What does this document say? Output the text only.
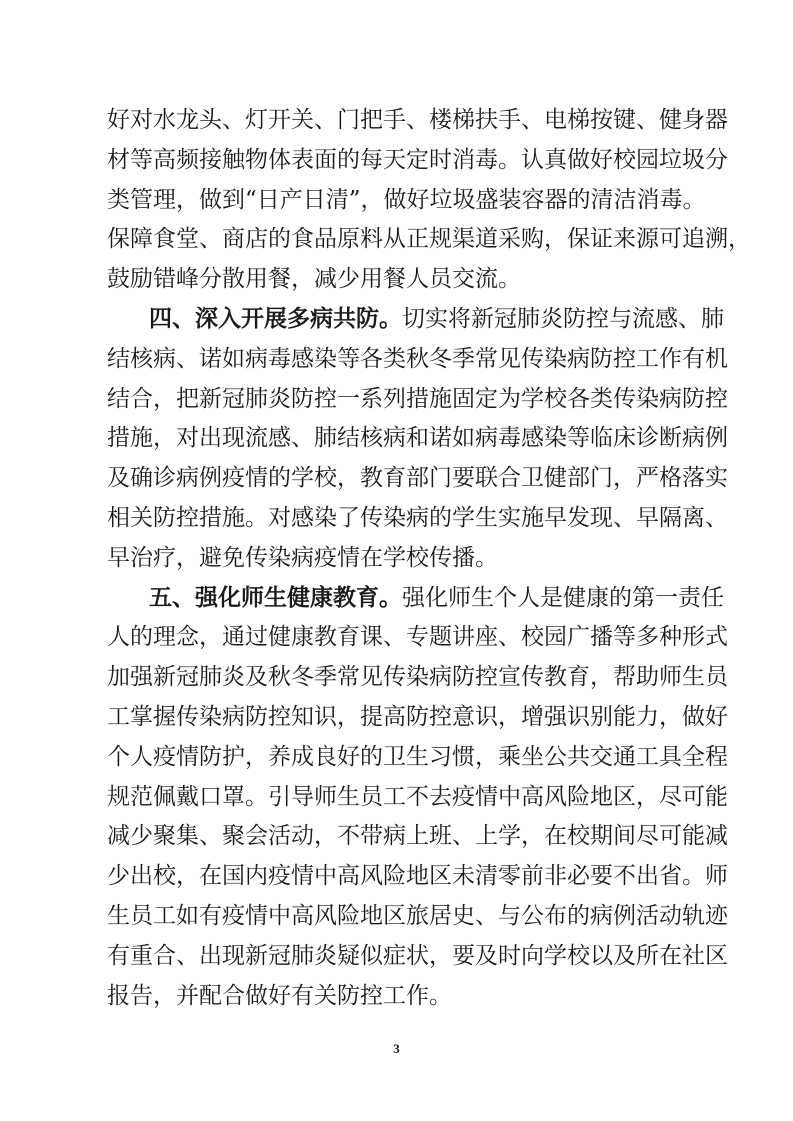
好对水龙头、灯开关、门把手、楼梯扶手、电梯按键、健身器
材等高频接触物体表面的每天定时消毒。认真做好校园垃圾分
类管理，做到“日产日清”，做好垃圾盛装容器的清洁消毒。
保障食堂、商店的食品原料从正规渠道采购，保证来源可追溯，
鼓励错峰分散用餐，减少用餐人员交流。
四、深入开展多病共防。切实将新冠肺炎防控与流感、肺
结核病、诺如病毒感染等各类秋冬季常见传染病防控工作有机
结合，把新冠肺炎防控一系列措施固定为学校各类传染病防控
措施，对出现流感、肺结核病和诺如病毒感染等临床诊断病例
及确诊病例疫情的学校，教育部门要联合卫健部门，严格落实
相关防控措施。对感染了传染病的学生实施早发现、早隔离、
早治疗，避免传染病疫情在学校传播。
五、强化师生健康教育。强化师生个人是健康的第一责任
人的理念，通过健康教育课、专题讲座、校园广播等多种形式
加强新冠肺炎及秋冬季常见传染病防控宣传教育，帮助师生员
工掌握传染病防控知识，提高防控意识，增强识别能力，做好
个人疫情防护，养成良好的卫生习惯，乘坐公共交通工具全程
规范佩戴口罩。引导师生员工不去疫情中高风险地区，尽可能
减少聚集、聚会活动，不带病上班、上学，在校期间尽可能减
少出校，在国内疫情中高风险地区未清零前非必要不出省。师
生员工如有疫情中高风险地区旅居史、与公布的病例活动轨迹
有重合、出现新冠肺炎疑似症状，要及时向学校以及所在社区
报告，并配合做好有关防控工作。
3
